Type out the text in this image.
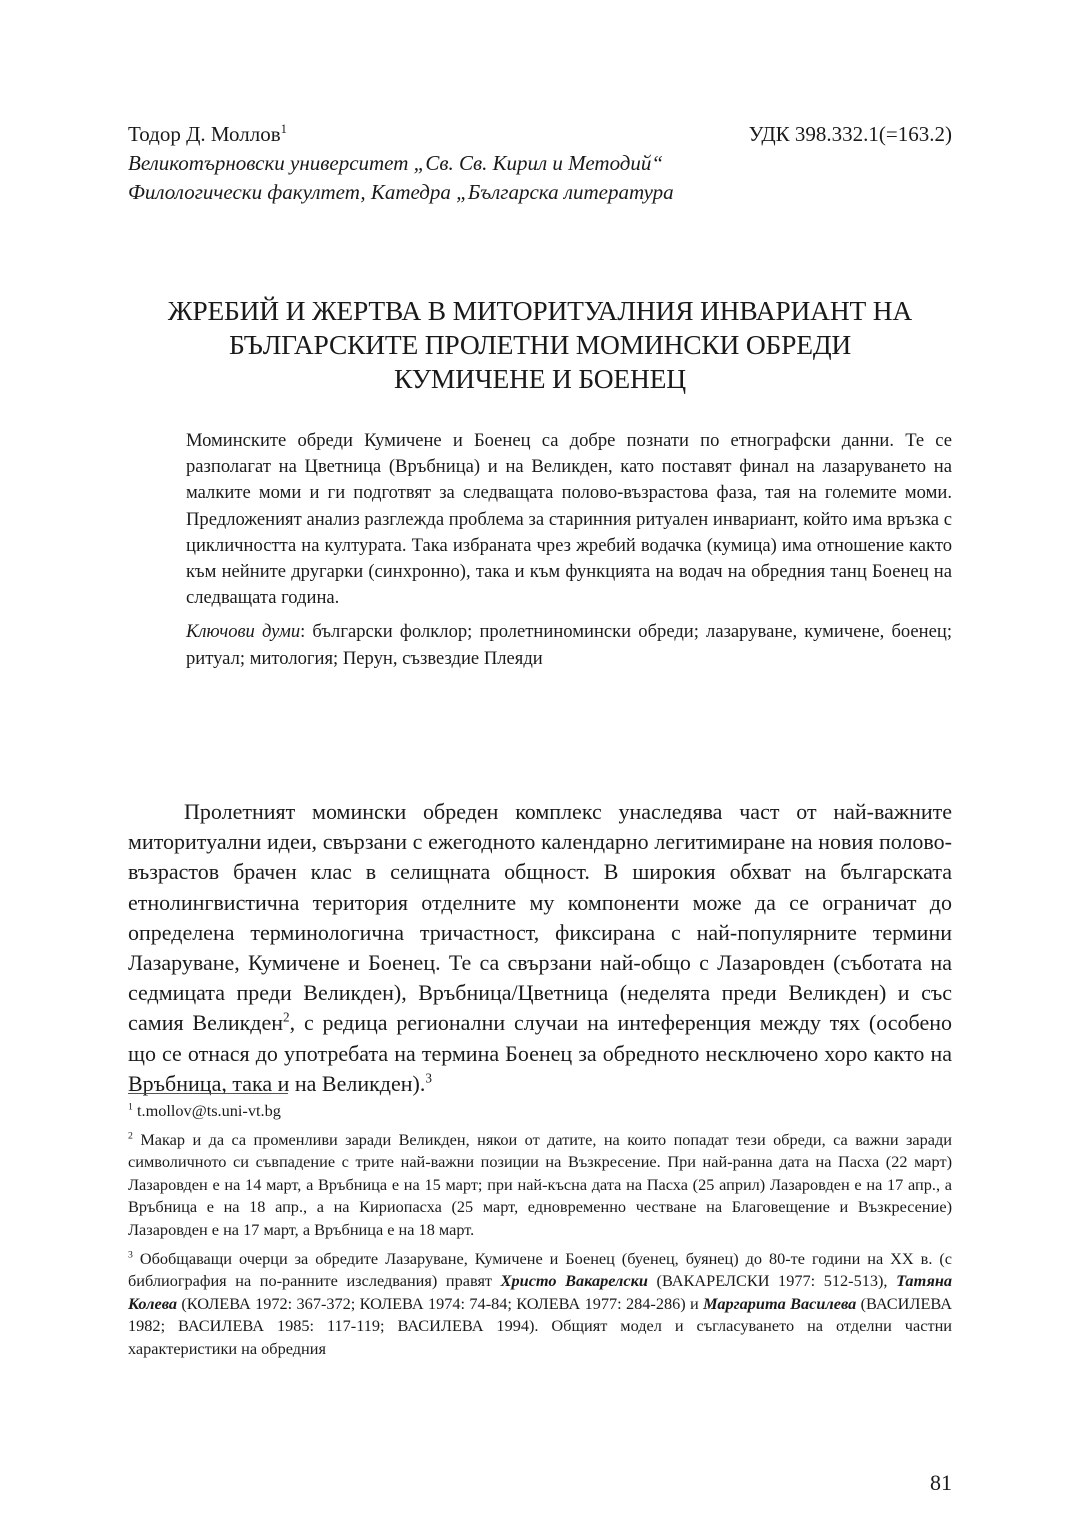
Тодор Д. Моллов$^1$	УДК 398.332.1(=163.2)
Великотърновски университет „Св. Св. Кирил и Методий“
Филологически факултет, Катедра „Българска литература
ЖРЕБИЙ И ЖЕРТВА В МИТОРИТУАЛНИЯ ИНВАРИАНТ НА
БЪЛГАРСКИТЕ ПРОЛЕТНИ МОМИНСКИ ОБРЕДИ
КУМИЧЕНЕ И БОЕНЕЦ

Моминските обреди Кумичене и Боенец са добре познати по етнографски данни. Те се разполагат на Цветница (Връбница) и на Великден, като поставят финал на лазаруването на малките моми и ги подготвят за следващата полово-възрастова фаза, тая на големите моми. Предложеният анализ разглежда проблема за старинния ритуален инвариант, който има връзка с цикличността на културата. Така избраната чрез жребий водачка (кумица) има отношение както към нейните другарки (синхронно), така и към функцията на водач на обредния танц Боенец на следващата година.

Ключови думи: български фолклор; пролетниномински обреди; лазаруване, кумичене, боенец; ритуал; митология; Перун, съзвездие Плеяди

Пролетният момински обреден комплекс унаследява част от най-важните миторитуални идеи, свързани с ежегодното календарно легитимиране на новия полово-възрастов брачен клас в селищната общност. В широкия обхват на българската етнолингвистична територия отделните му компоненти може да се ограничат до определена терминологична тричастност, фиксирана с най-популярните термини Лазаруване, Кумичене и Боенец. Те са свързани най-общо с Лазаровден (съботата на седмицата преди Великден), Връбница/Цветница (неделята преди Великден) и със самия Великден$^2$, с редица регионални случаи на интеференция между тях (особено що се отнася до употребата на термина Боенец за обредното несключено хоро както на Връбница, така и на Великден).$^3$

$^1$ t.mollov@ts.uni-vt.bg

$^2$ Макар и да са променливи заради Великден, някои от датите, на които попадат тези обреди, са важни заради символичното си съвпадение с трите най-важни позиции на Възкресение. При най-ранна дата на Пасха (22 март) Лазаровден е на 14 март, а Връбница е на 15 март; при най-късна дата на Пасха (25 април) Лазаровден е на 17 апр., а Връбница е на 18 апр., а на Кириопасха (25 март, едновременно честване на Благовещение и Възкресение) Лазаровден е на 17 март, а Връбница е на 18 март.

$^3$ Обобщаващи очерци за обредите Лазаруване, Кумичене и Боенец (буенец, буянец) до 80-те години на XX в. (с библиография на по-ранните изследвания) правят Христо Вакарелски (ВАКАРЕЛСКИ 1977: 512-513), Татяна Колева (КОЛЕВА 1972: 367-372; КОЛЕВА 1974: 74-84; КОЛЕВА 1977: 284-286) и Маргарита Василева (ВАСИЛЕВА 1982; ВАСИЛЕВА 1985: 117-119; ВАСИЛЕВА 1994). Общият модел и съгласуването на отделни частни характеристики на обредния

81
